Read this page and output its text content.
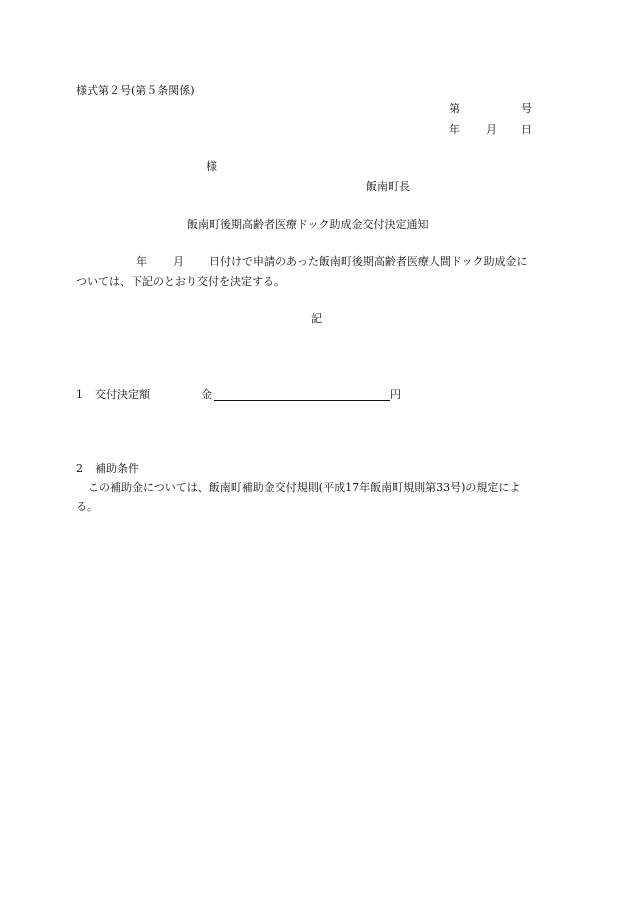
様式第２号(第５条関係)
第	号
年 月 日
様
飯南町長
飯南町後期高齢者医療ドック助成金交付決定通知
年 月 日付けで申請のあった飯南町後期高齢者医療人間ドック助成金に
ついては、下記のとおり交付を決定する。
記
1 交付決定額	金	円
2 補助条件
この補助金については、飯南町補助金交付規則(平成17年飯南町規則第33号)の規定によ
る。
